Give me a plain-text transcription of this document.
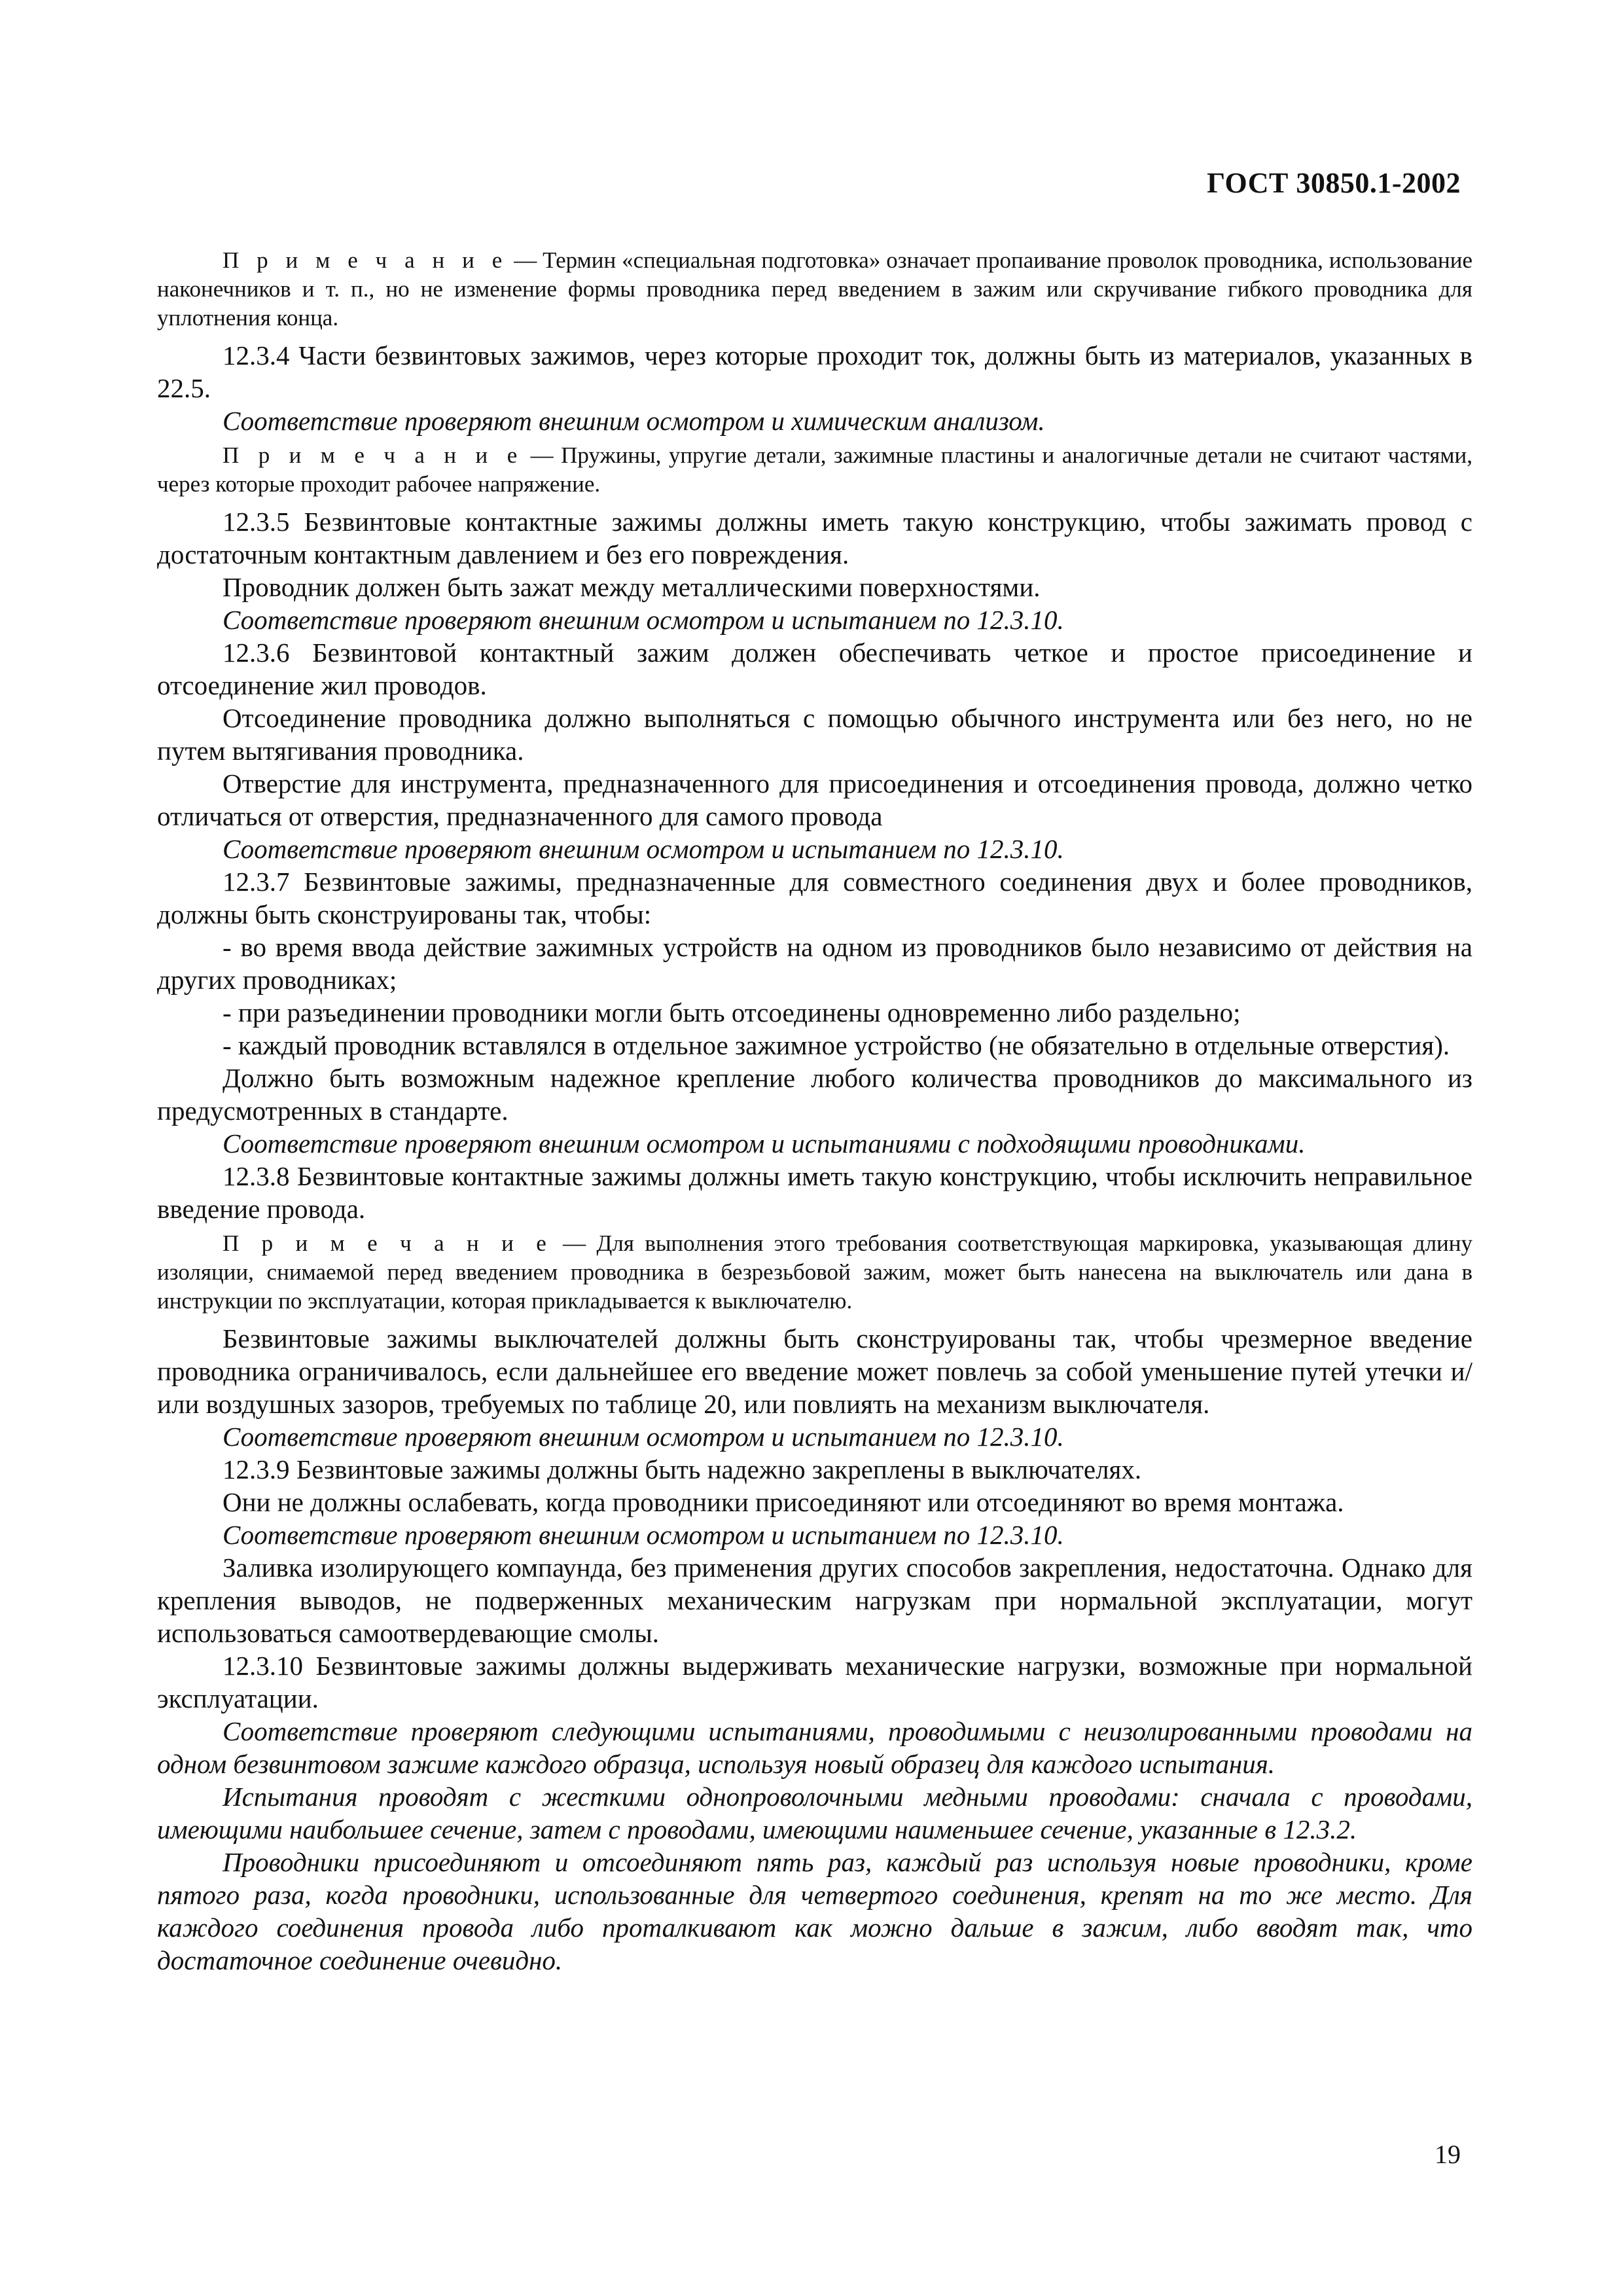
ГОСТ 30850.1-2002

П р и м е ч а н и е — Термин «специальная подготовка» означает пропаивание проволок проводника, использование наконечников и т. п., но не изменение формы проводника перед введением в зажим или скручивание гибкого проводника для уплотнения конца.

12.3.4 Части безвинтовых зажимов, через которые проходит ток, должны быть из материалов, указанных в 22.5.

Соответствие проверяют внешним осмотром и химическим анализом.

П р и м е ч а н и е — Пружины, упругие детали, зажимные пластины и аналогичные детали не считают частями, через которые проходит рабочее напряжение.

12.3.5 Безвинтовые контактные зажимы должны иметь такую конструкцию, чтобы зажимать провод с достаточным контактным давлением и без его повреждения.

Проводник должен быть зажат между металлическими поверхностями.

Соответствие проверяют внешним осмотром и испытанием по 12.3.10.

12.3.6 Безвинтовой контактный зажим должен обеспечивать четкое и простое присоединение и отсоединение жил проводов.

Отсоединение проводника должно выполняться с помощью обычного инструмента или без него, но не путем вытягивания проводника.

Отверстие для инструмента, предназначенного для присоединения и отсоединения провода, должно четко отличаться от отверстия, предназначенного для самого провода

Соответствие проверяют внешним осмотром и испытанием по 12.3.10.

12.3.7 Безвинтовые зажимы, предназначенные для совместного соединения двух и более проводников, должны быть сконструированы так, чтобы:

- во время ввода действие зажимных устройств на одном из проводников было независимо от действия на других проводниках;

- при разъединении проводники могли быть отсоединены одновременно либо раздельно;

- каждый проводник вставлялся в отдельное зажимное устройство (не обязательно в отдельные отверстия).

Должно быть возможным надежное крепление любого количества проводников до максимального из предусмотренных в стандарте.

Соответствие проверяют внешним осмотром и испытаниями с подходящими проводниками.

12.3.8 Безвинтовые контактные зажимы должны иметь такую конструкцию, чтобы исключить неправильное введение провода.

П р и м е ч а н и е — Для выполнения этого требования соответствующая маркировка, указывающая длину изоляции, снимаемой перед введением проводника в безрезьбовой зажим, может быть нанесена на выключатель или дана в инструкции по эксплуатации, которая прикладывается к выключателю.

Безвинтовые зажимы выключателей должны быть сконструированы так, чтобы чрезмерное введение проводника ограничивалось, если дальнейшее его введение может повлечь за собой уменьшение путей утечки и/или воздушных зазоров, требуемых по таблице 20, или повлиять на механизм выключателя.

Соответствие проверяют внешним осмотром и испытанием по 12.3.10.

12.3.9 Безвинтовые зажимы должны быть надежно закреплены в выключателях.

Они не должны ослабевать, когда проводники присоединяют или отсоединяют во время монтажа.

Соответствие проверяют внешним осмотром и испытанием по 12.3.10.

Заливка изолирующего компаунда, без применения других способов закрепления, недостаточна. Однако для крепления выводов, не подверженных механическим нагрузкам при нормальной эксплуатации, могут использоваться самоотвердевающие смолы.

12.3.10 Безвинтовые зажимы должны выдерживать механические нагрузки, возможные при нормальной эксплуатации.

Соответствие проверяют следующими испытаниями, проводимыми с неизолированными проводами на одном безвинтовом зажиме каждого образца, используя новый образец для каждого испытания.

Испытания проводят с жесткими однопроволочными медными проводами: сначала с проводами, имеющими наибольшее сечение, затем с проводами, имеющими наименьшее сечение, указанные в 12.3.2.

Проводники присоединяют и отсоединяют пять раз, каждый раз используя новые проводники, кроме пятого раза, когда проводники, использованные для четвертого соединения, крепят на то же место. Для каждого соединения провода либо проталкивают как можно дальше в зажим, либо вводят так, что достаточное соединение очевидно.

19
